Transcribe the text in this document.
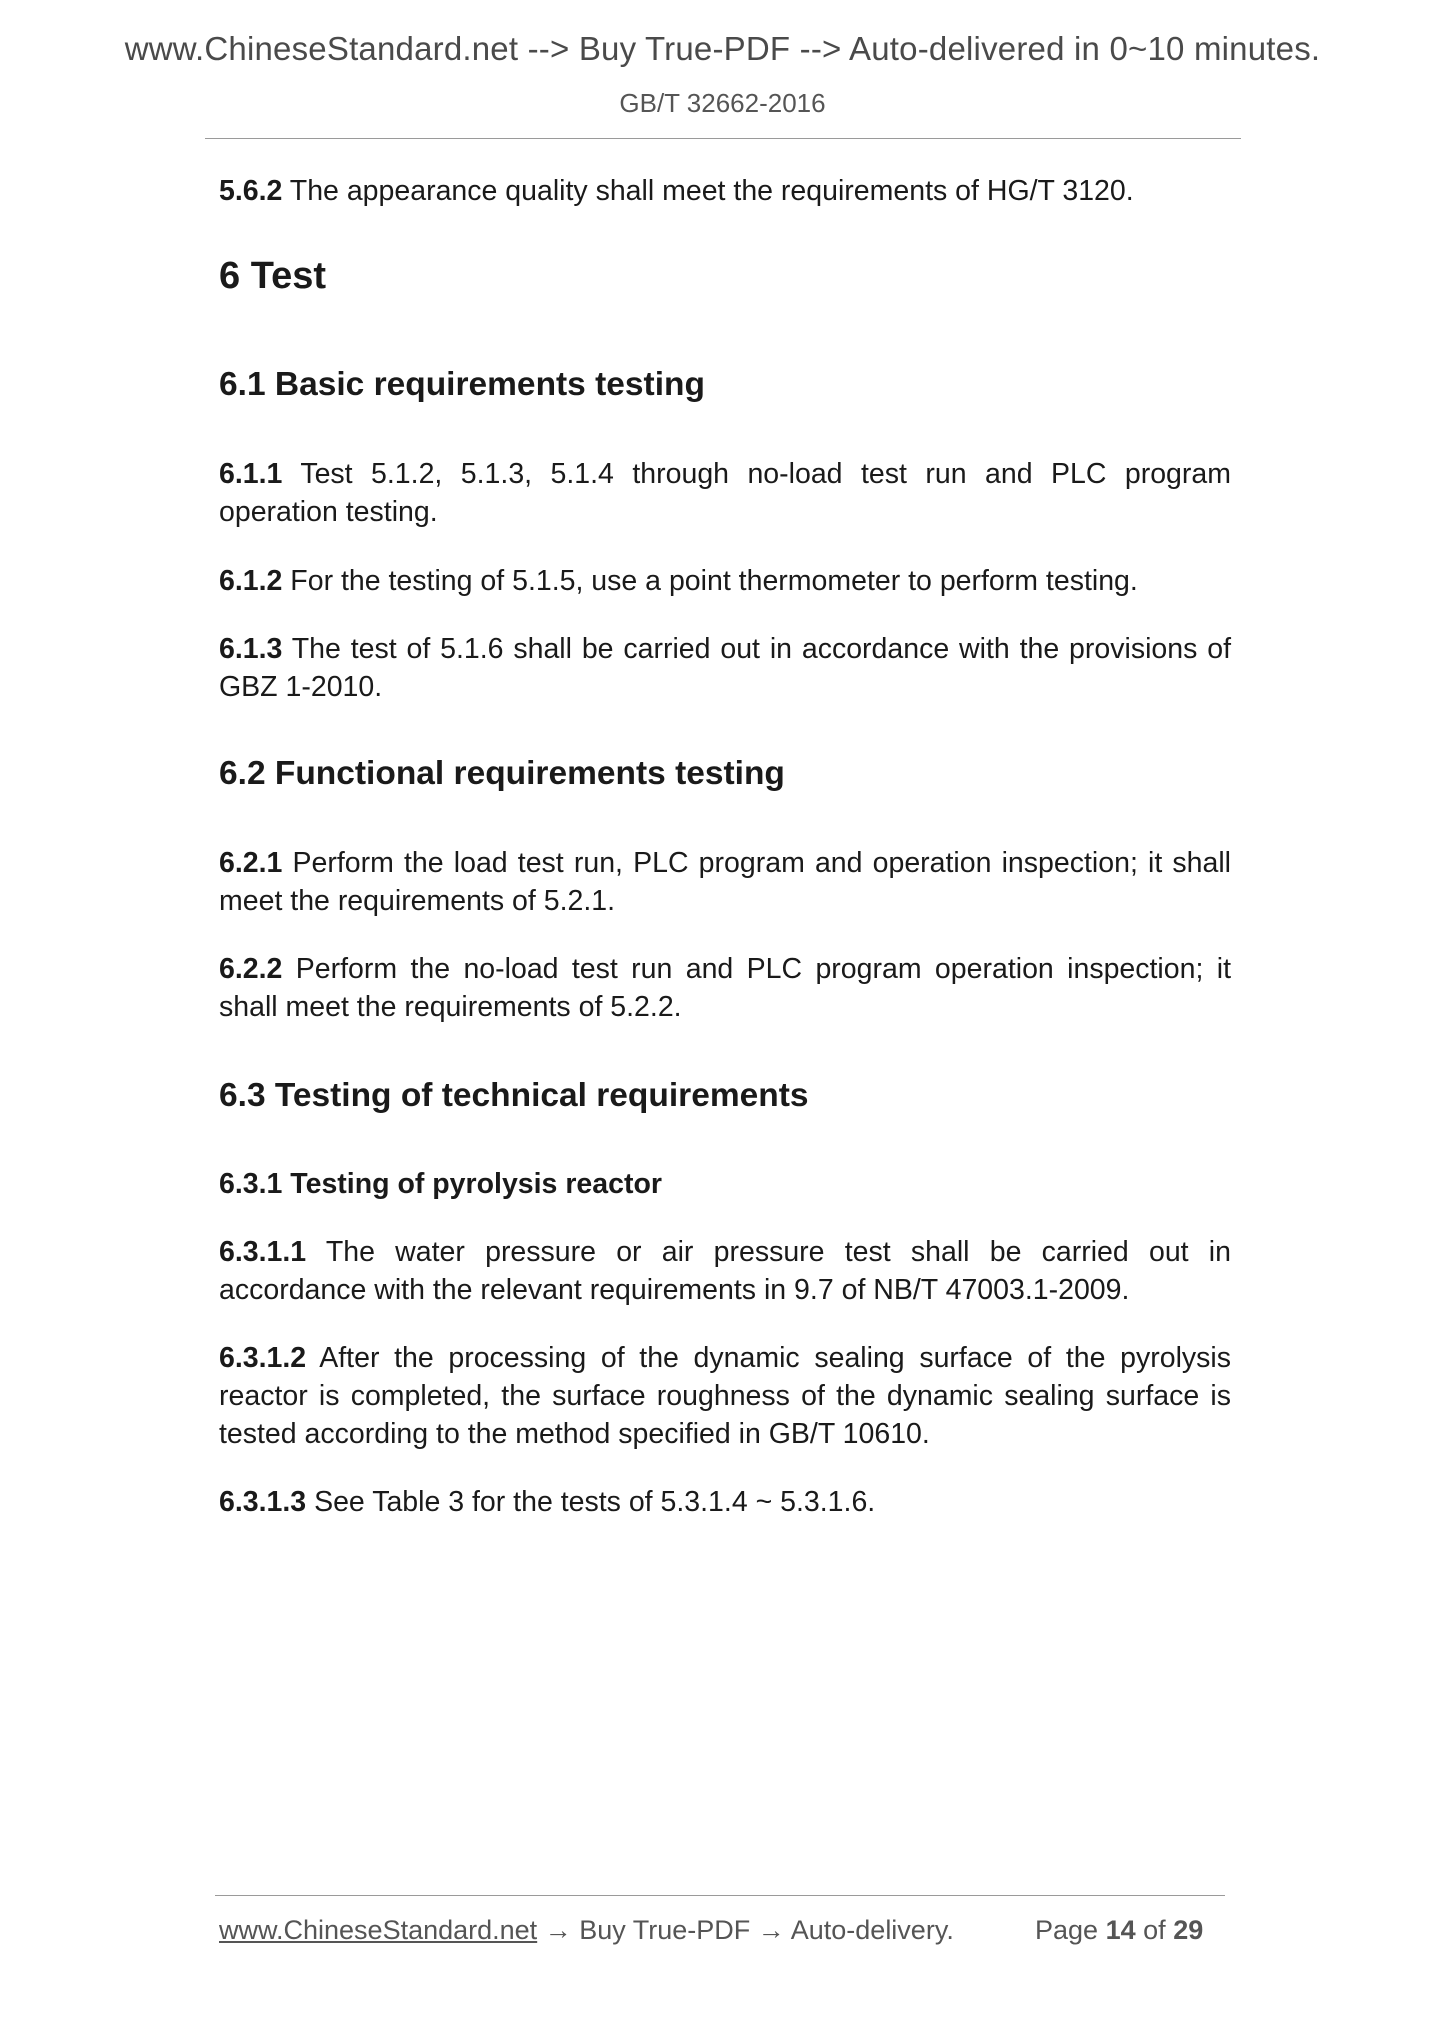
www.ChineseStandard.net --> Buy True-PDF --> Auto-delivered in 0~10 minutes.
GB/T 32662-2016
5.6.2 The appearance quality shall meet the requirements of HG/T 3120.
6 Test
6.1 Basic requirements testing
6.1.1 Test 5.1.2, 5.1.3, 5.1.4 through no-load test run and PLC program operation testing.
6.1.2 For the testing of 5.1.5, use a point thermometer to perform testing.
6.1.3 The test of 5.1.6 shall be carried out in accordance with the provisions of GBZ 1-2010.
6.2 Functional requirements testing
6.2.1 Perform the load test run, PLC program and operation inspection; it shall meet the requirements of 5.2.1.
6.2.2 Perform the no-load test run and PLC program operation inspection; it shall meet the requirements of 5.2.2.
6.3 Testing of technical requirements
6.3.1 Testing of pyrolysis reactor
6.3.1.1 The water pressure or air pressure test shall be carried out in accordance with the relevant requirements in 9.7 of NB/T 47003.1-2009.
6.3.1.2 After the processing of the dynamic sealing surface of the pyrolysis reactor is completed, the surface roughness of the dynamic sealing surface is tested according to the method specified in GB/T 10610.
6.3.1.3 See Table 3 for the tests of 5.3.1.4 ~ 5.3.1.6.
www.ChineseStandard.net → Buy True-PDF → Auto-delivery.	Page 14 of 29
